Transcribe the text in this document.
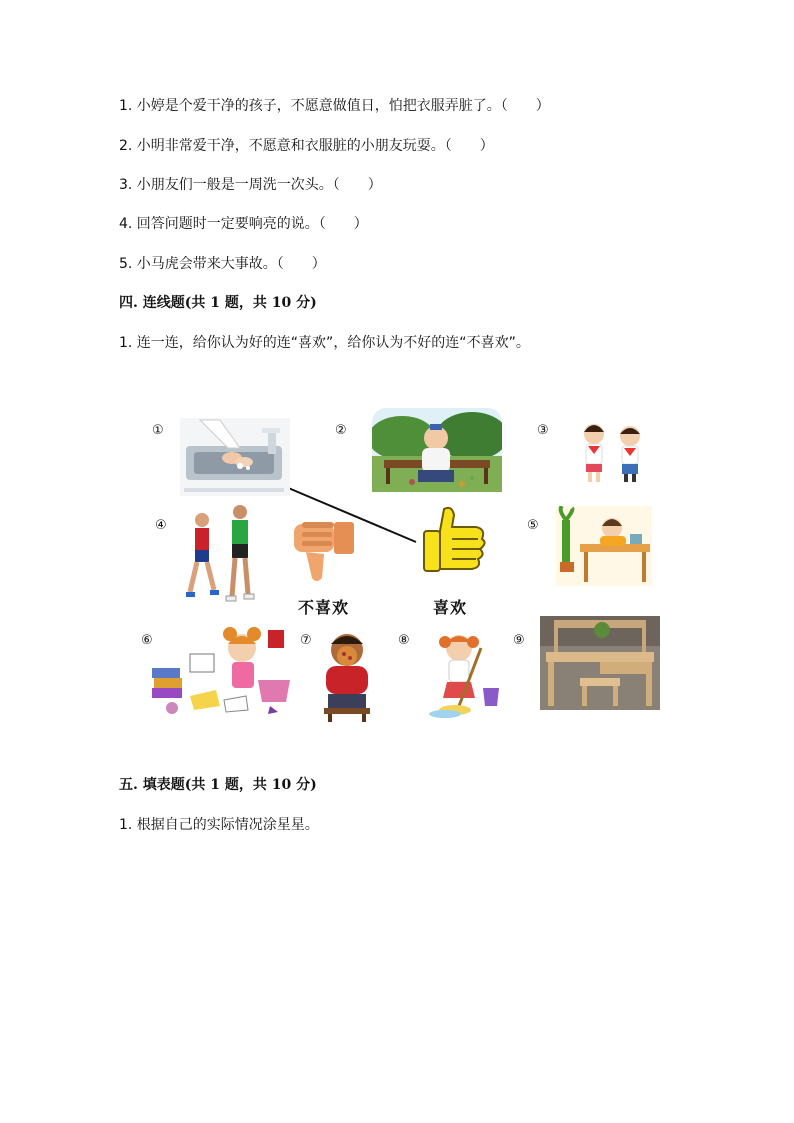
1. 小婷是个爱干净的孩子，不愿意做值日，怕把衣服弄脏了。（　　）
2. 小明非常爱干净，不愿意和衣服脏的小朋友玩耍。（　　）
3. 小朋友们一般是一周洗一次头。（　　）
4. 回答问题时一定要响亮的说。（　　）
5. 小马虎会带来大事故。（　　）
四. 连线题(共 1 题，共 10 分)
1. 连一连，给你认为好的连“喜欢”，给你认为不好的连“不喜欢”。
①	②	③
④	⑤
⑥	⑦	⑧	⑨
不喜欢	喜欢
五. 填表题(共 1 题，共 10 分)
1. 根据自己的实际情况涂星星。
